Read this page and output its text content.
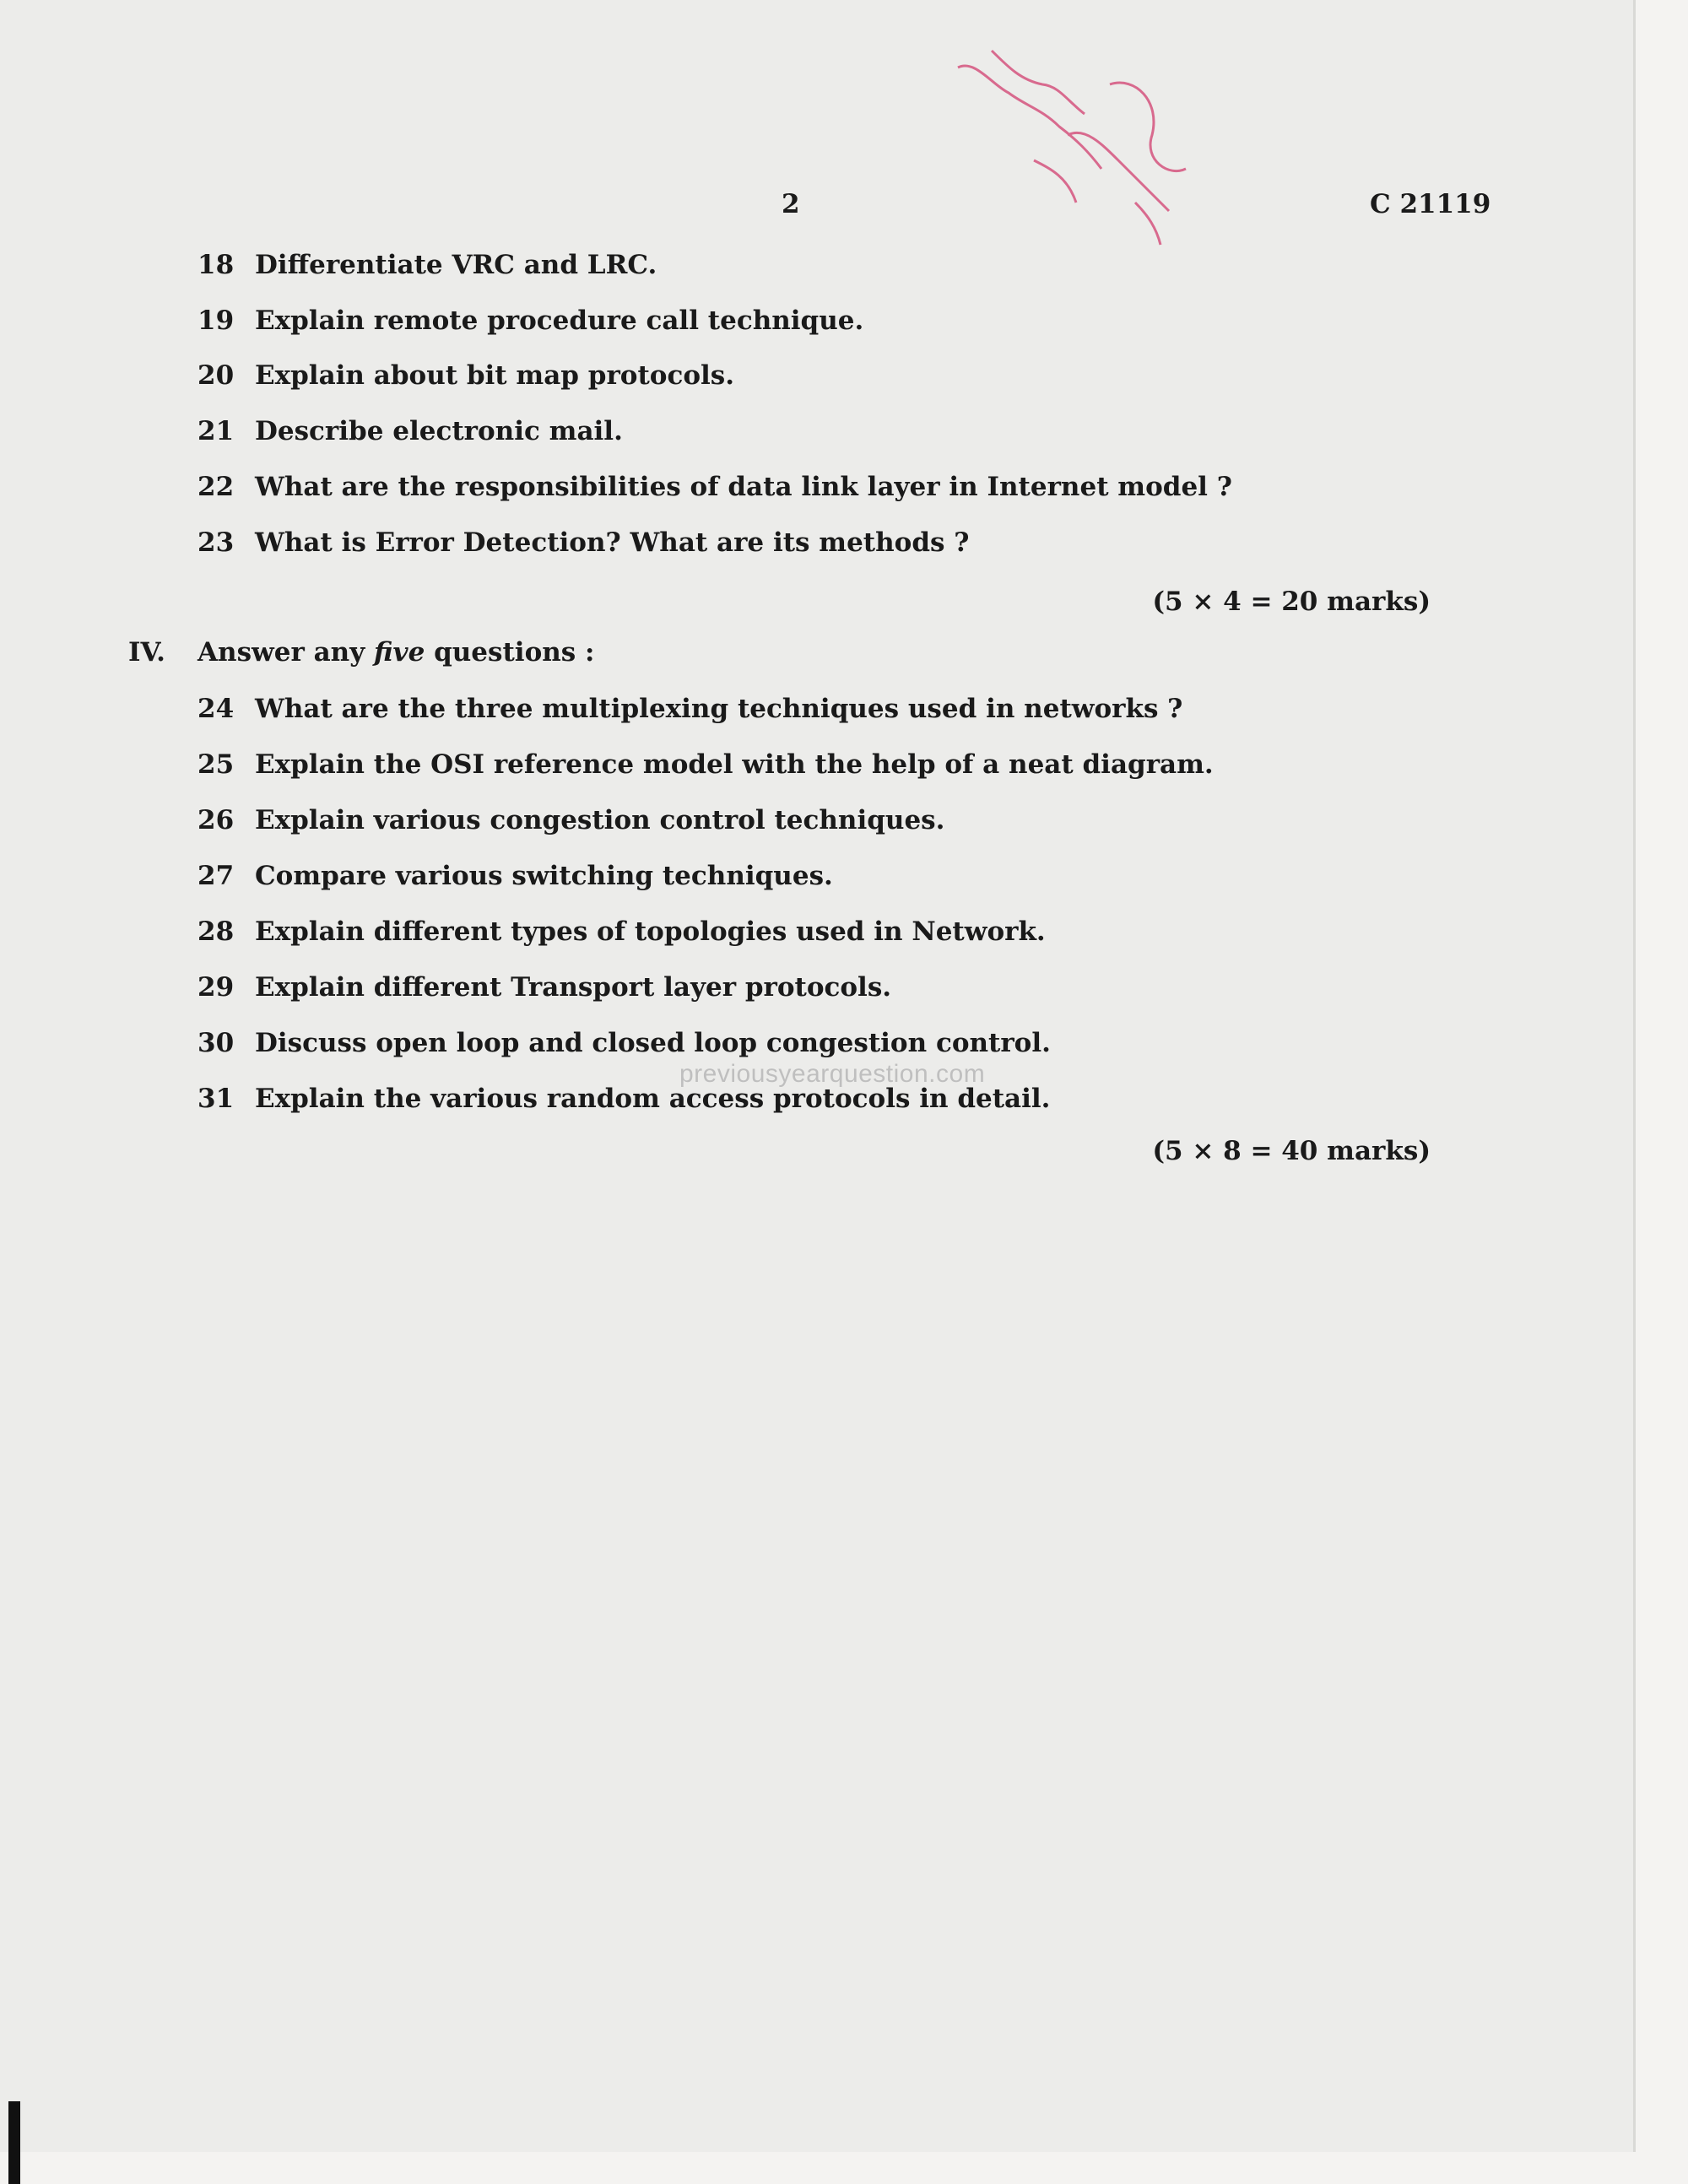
2	C 21119
18 Differentiate VRC and LRC.
19 Explain remote procedure call technique.
20 Explain about bit map protocols.
21 Describe electronic mail.
22 What are the responsibilities of data link layer in Internet model ?
23 What is Error Detection? What are its methods ?
(5 × 4 = 20 marks)
IV. Answer any five questions :
24 What are the three multiplexing techniques used in networks ?
25 Explain the OSI reference model with the help of a neat diagram.
26 Explain various congestion control techniques.
27 Compare various switching techniques.
28 Explain different types of topologies used in Network.
29 Explain different Transport layer protocols.
30 Discuss open loop and closed loop congestion control.
31 Explain the various random access protocols in detail.
previousyearquestion.com
(5 × 8 = 40 marks)
